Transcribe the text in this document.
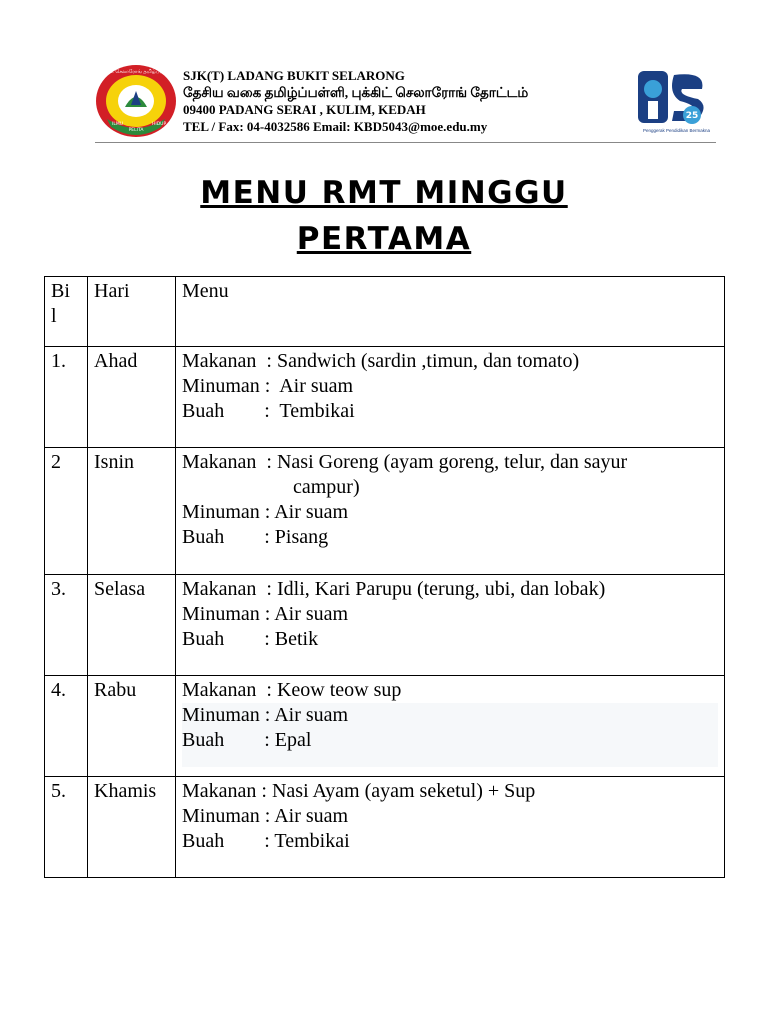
புக்கிட் செலாரோங் தமிழ்ப்பள்ளி
ILMU
PELITA
HIDUP
SJK(T) LADANG BUKIT SELARONG
தேசிய வகை தமிழ்ப்பள்ளி, புக்கிட் செலாரோங் தோட்டம்
09400 PADANG SERAI , KULIM, KEDAH
TEL / Fax: 04-4032586 Email: KBD5043@moe.edu.my
25
Penggerak Pendidikan Bermakna
MENU RMT MINGGU
PERTAMA
Bi
l	Hari	Menu
1.	Ahad	Makanan  : Sandwich (sardin ,timun, dan tomato)
Minuman :  Air suam
Buah        :  Tembikai

2	Isnin	Makanan  : Nasi Goreng (ayam goreng, telur, dan sayur
campur)
Minuman : Air suam
Buah        : Pisang

3.	Selasa	Makanan  : Idli, Kari Parupu (terung, ubi, dan lobak)
Minuman : Air suam
Buah        : Betik

4.	Rabu	Makanan  : Keow teow sup
Minuman : Air suam
Buah        : Epal

5.	Khamis	Makanan : Nasi Ayam (ayam seketul) + Sup
Minuman : Air suam
Buah        : Tembikai
